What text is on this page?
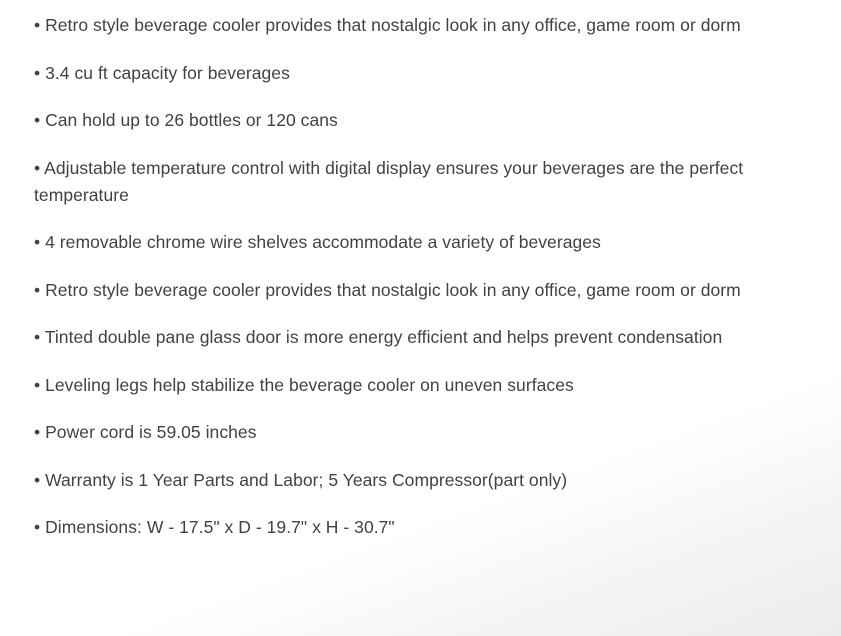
• Retro style beverage cooler provides that nostalgic look in any office, game room or dorm
• 3.4 cu ft capacity for beverages
• Can hold up to 26 bottles or 120 cans
• Adjustable temperature control with digital display ensures your beverages are the perfect temperature
• 4 removable chrome wire shelves accommodate a variety of beverages
• Retro style beverage cooler provides that nostalgic look in any office, game room or dorm
• Tinted double pane glass door is more energy efficient and helps prevent condensation
• Leveling legs help stabilize the beverage cooler on uneven surfaces
• Power cord is 59.05 inches
• Warranty is 1 Year Parts and Labor; 5 Years Compressor(part only)
• Dimensions: W - 17.5" x D - 19.7" x H - 30.7"
